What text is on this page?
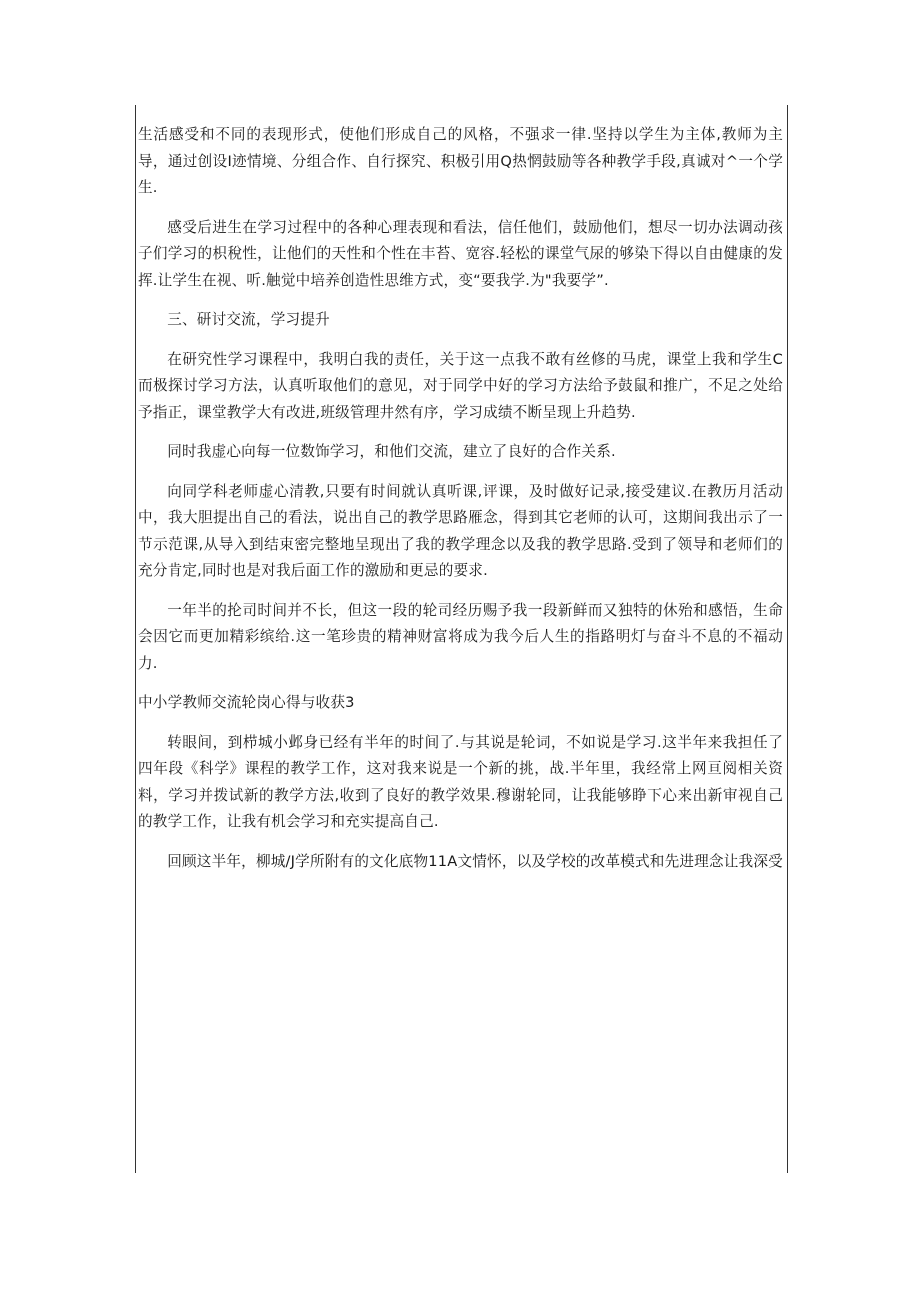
生活感受和不同的表现形式，使他们形成自己的风格，不强求一律.坚持以学生为主体,教师为主导，通过创设I迹情境、分组合作、自行探究、积极引用Q热惘鼓励等各种教学手段,真诚对^一个学生.

感受后进生在学习过程中的各种心理表现和看法，信任他们，鼓励他们，想尽一切办法调动孩子们学习的枳稅性，让他们的天性和个性在丰苔、宽容.轻松的课堂气尿的够染下得以自由健康的发挥.让学生在视、听.触觉中培养创造性思维方式，变“要我学.为"我要学”.

三、研讨交流，学习提升

在研究性学习课程中，我明白我的责任，关于这一点我不敢有丝修的马虎，课堂上我和学生C而极探讨学习方法，认真听取他们的意见，对于同学中好的学习方法给予鼓鼠和推广，不足之处给予指正，课堂教学大有改进,班级管理井然有序，学习成绩不断呈现上升趋势.

同时我虚心向每一位数饰学习，和他们交流，建立了良好的合作关系.

向同学科老师虚心清教,只要有时间就认真听课,评课，及时做好记录,接受建议.在教历月活动中，我大胆提出自己的看法，说出自己的教学思路雁念，得到其它老师的认可，这期间我出示了一节示范课,从导入到结束密完整地呈现出了我的教学理念以及我的教学思路.受到了领导和老师们的充分肯定,同时也是对我后面工作的激励和更忌的要求.

一年半的抡司时间并不长，但这一段的轮司经历赐予我一段新鲜而又独特的休殆和感悟，生命会因它而更加精彩缤给.这一笔珍贵的精神财富将成为我今后人生的指路明灯与奋斗不息的不福动力.

中小学教师交流轮岗心得与收获3

转眼间，到栉城小邺身已经有半年的时间了.与其说是轮词，不如说是学习.这半年来我担任了四年段《科学》课程的教学工作，这对我来说是一个新的挑，战.半年里，我经常上网亘阅相关资料，学习并拨试新的教学方法,收到了良好的教学效果.穆谢轮同，让我能够睁下心来出新审视自己的教学工作，让我有机会学习和充实提高自己.

回顾这半年，柳城/J学所附有的文化底物11A文情怀，以及学校的改革模式和先进理念让我深受
